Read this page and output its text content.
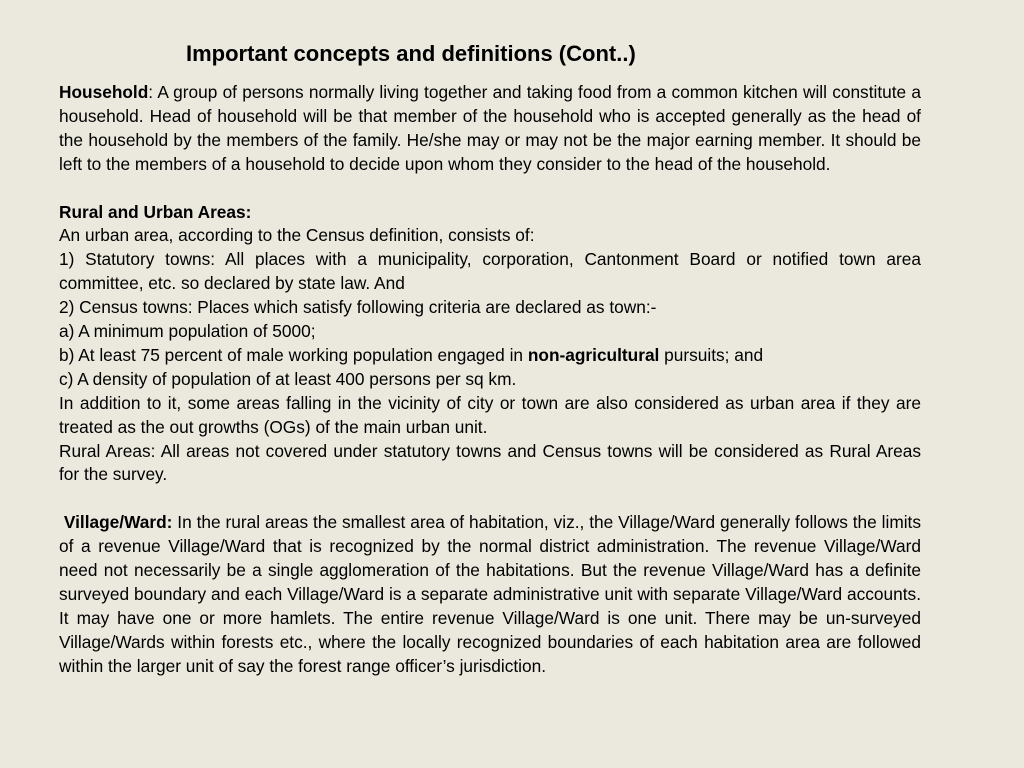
Important concepts and definitions (Cont..)

Household: A group of persons normally living together and taking food from a common kitchen will constitute a household. Head of household will be that member of the household who is accepted generally as the head of the household by the members of the family. He/she may or may not be the major earning member. It should be left to the members of a household to decide upon whom they consider to the head of the household.

Rural and Urban Areas:

An urban area, according to the Census definition, consists of:

1) Statutory towns: All places with a municipality, corporation, Cantonment Board or notified town area committee, etc. so declared by state law. And

2) Census towns: Places which satisfy following criteria are declared as town:-

a) A minimum population of 5000;

b) At least 75 percent of male working population engaged in non-agricultural pursuits; and

c) A density of population of at least 400 persons per sq km.

In addition to it, some areas falling in the vicinity of city or town are also considered as urban area if they are treated as the out growths (OGs) of the main urban unit.

Rural Areas: All areas not covered under statutory towns and Census towns will be considered as Rural Areas for the survey.

Village/Ward: In the rural areas the smallest area of habitation, viz., the Village/Ward generally follows the limits of a revenue Village/Ward that is recognized by the normal district administration. The revenue Village/Ward need not necessarily be a single agglomeration of the habitations. But the revenue Village/Ward has a definite surveyed boundary and each Village/Ward is a separate administrative unit with separate Village/Ward accounts. It may have one or more hamlets. The entire revenue Village/Ward is one unit. There may be un-surveyed Village/Wards within forests etc., where the locally recognized boundaries of each habitation area are followed within the larger unit of say the forest range officer’s jurisdiction.
